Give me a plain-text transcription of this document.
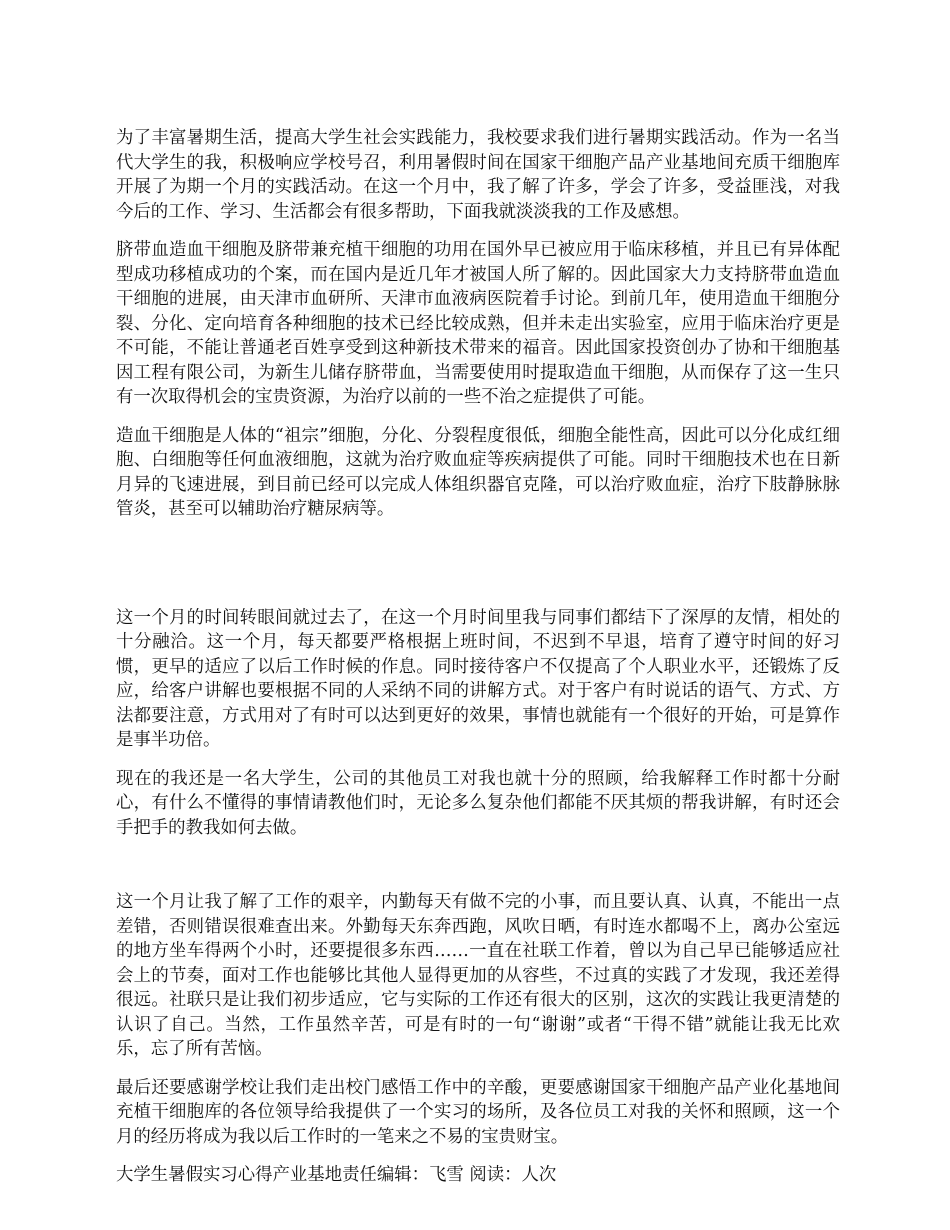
为了丰富暑期生活，提高大学生社会实践能力，我校要求我们进行暑期实践活动。作为一名当代大学生的我，积极响应学校号召，利用暑假时间在国家干细胞产品产业基地间充质干细胞库开展了为期一个月的实践活动。在这一个月中，我了解了许多，学会了许多，受益匪浅，对我今后的工作、学习、生活都会有很多帮助，下面我就淡淡我的工作及感想。

脐带血造血干细胞及脐带兼充植干细胞的功用在国外早已被应用于临床移植，并且已有异体配型成功移植成功的个案，而在国内是近几年才被国人所了解的。因此国家大力支持脐带血造血干细胞的进展，由天津市血研所、天津市血液病医院着手讨论。到前几年，使用造血干细胞分裂、分化、定向培育各种细胞的技术已经比较成熟，但并未走出实验室，应用于临床治疗更是不可能，不能让普通老百姓享受到这种新技术带来的福音。因此国家投资创办了协和干细胞基因工程有限公司，为新生儿储存脐带血，当需要使用时提取造血干细胞，从而保存了这一生只有一次取得机会的宝贵资源，为治疗以前的一些不治之症提供了可能。

造血干细胞是人体的“祖宗”细胞，分化、分裂程度很低，细胞全能性高，因此可以分化成红细胞、白细胞等任何血液细胞，这就为治疗败血症等疾病提供了可能。同时干细胞技术也在日新月异的飞速进展，到目前已经可以完成人体组织器官克隆，可以治疗败血症，治疗下肢静脉脉管炎，甚至可以辅助治疗糖尿病等。

这一个月的时间转眼间就过去了，在这一个月时间里我与同事们都结下了深厚的友情，相处的十分融洽。这一个月，每天都要严格根据上班时间，不迟到不早退，培育了遵守时间的好习惯，更早的适应了以后工作时候的作息。同时接待客户不仅提高了个人职业水平，还锻炼了反应，给客户讲解也要根据不同的人采纳不同的讲解方式。对于客户有时说话的语气、方式、方法都要注意，方式用对了有时可以达到更好的效果，事情也就能有一个很好的开始，可是算作是事半功倍。

现在的我还是一名大学生，公司的其他员工对我也就十分的照顾，给我解释工作时都十分耐心，有什么不懂得的事情请教他们时，无论多么复杂他们都能不厌其烦的帮我讲解，有时还会手把手的教我如何去做。

这一个月让我了解了工作的艰辛，内勤每天有做不完的小事，而且要认真、认真，不能出一点差错，否则错误很难查出来。外勤每天东奔西跑，风吹日晒，有时连水都喝不上，离办公室远的地方坐车得两个小时，还要提很多东西……一直在社联工作着，曾以为自己早已能够适应社会上的节奏，面对工作也能够比其他人显得更加的从容些，不过真的实践了才发现，我还差得很远。社联只是让我们初步适应，它与实际的工作还有很大的区别，这次的实践让我更清楚的认识了自己。当然，工作虽然辛苦，可是有时的一句“谢谢”或者“干得不错”就能让我无比欢乐，忘了所有苦恼。

最后还要感谢学校让我们走出校门感悟工作中的辛酸，更要感谢国家干细胞产品产业化基地间充植干细胞库的各位领导给我提供了一个实习的场所，及各位员工对我的关怀和照顾，这一个月的经历将成为我以后工作时的一笔来之不易的宝贵财宝。

大学生暑假实习心得产业基地责任编辑：飞雪 阅读：人次
